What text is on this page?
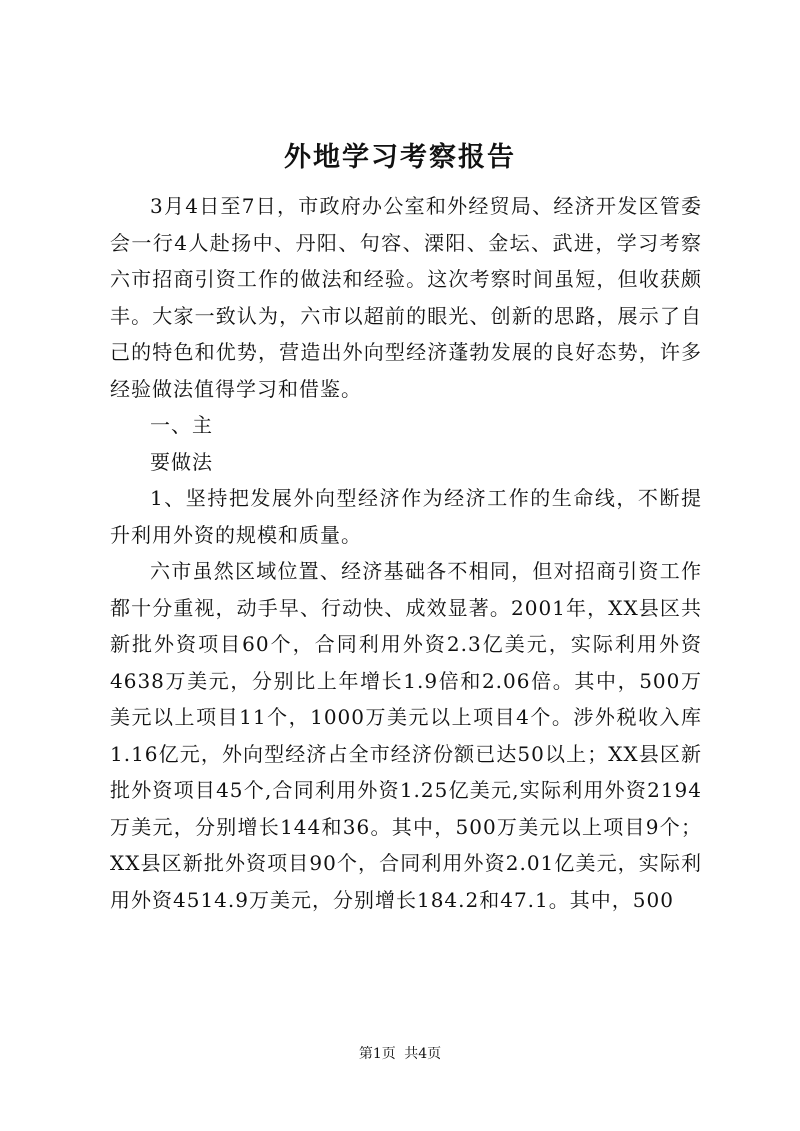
外地学习考察报告

3月4日至7日，市政府办公室和外经贸局、经济开发区管委会一行4人赴扬中、丹阳、句容、溧阳、金坛、武进，学习考察六市招商引资工作的做法和经验。这次考察时间虽短，但收获颇丰。大家一致认为，六市以超前的眼光、创新的思路，展示了自己的特色和优势，营造出外向型经济蓬勃发展的良好态势，许多经验做法值得学习和借鉴。

一、主

要做法

1、坚持把发展外向型经济作为经济工作的生命线，不断提升利用外资的规模和质量。

六市虽然区域位置、经济基础各不相同，但对招商引资工作都十分重视，动手早、行动快、成效显著。2001年，XX县区共新批外资项目60个，合同利用外资2.3亿美元，实际利用外资4638万美元，分别比上年增长1.9倍和2.06倍。其中，500万美元以上项目11个，1000万美元以上项目4个。涉外税收入库1.16亿元，外向型经济占全市经济份额已达50以上；XX县区新批外资项目45个,合同利用外资1.25亿美元,实际利用外资2194万美元，分别增长144和36。其中，500万美元以上项目9个；XX县区新批外资项目90个，合同利用外资2.01亿美元，实际利用外资4514.9万美元，分别增长184.2和47.1。其中，500

第1页 共4页
